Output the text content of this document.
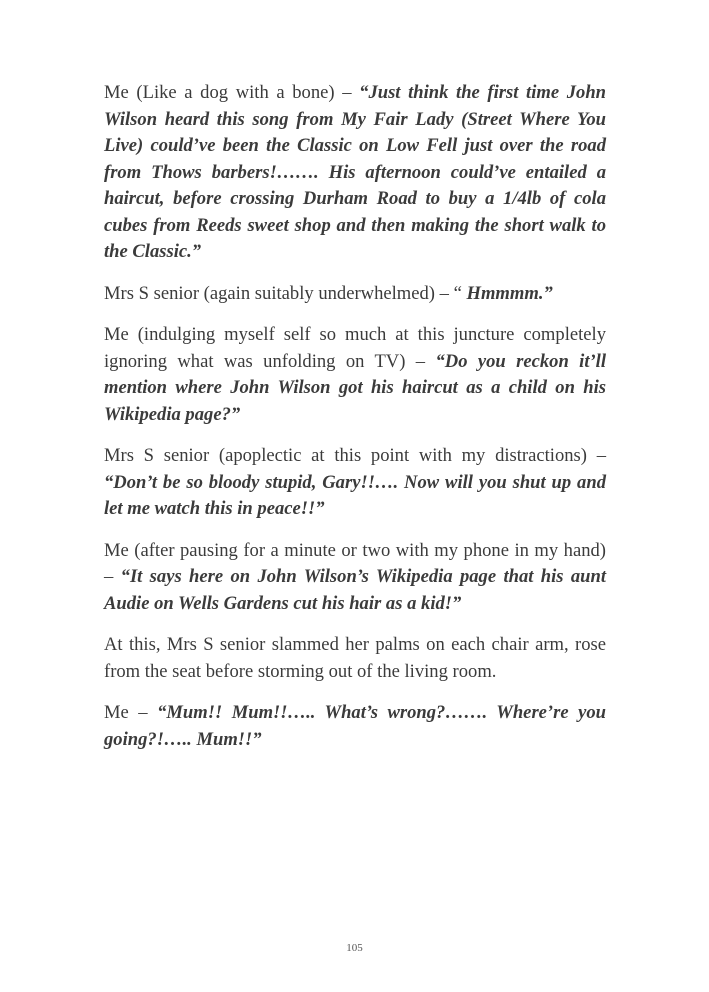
Me (Like a dog with a bone) – “Just think the first time John Wilson heard this song from My Fair Lady (Street Where You Live) could’ve been the Classic on Low Fell just over the road from Thows barbers!……. His afternoon could’ve entailed a haircut, before crossing Durham Road to buy a 1/4lb of cola cubes from Reeds sweet shop and then making the short walk to the Classic.”

Mrs S senior (again suitably underwhelmed) – “ Hmmmm.”

Me (indulging myself self so much at this juncture completely ignoring what was unfolding on TV) – “Do you reckon it’ll mention where John Wilson got his haircut as a child on his Wikipedia page?”

Mrs S senior (apoplectic at this point with my distractions) – “Don’t be so bloody stupid, Gary!!…. Now will you shut up and let me watch this in peace!!”

Me (after pausing for a minute or two with my phone in my hand) – “It says here on John Wilson’s Wikipedia page that his aunt Audie on Wells Gardens cut his hair as a kid!”

At this, Mrs S senior slammed her palms on each chair arm, rose from the seat before storming out of the living room.

Me – “Mum!! Mum!!….. What’s wrong?……. Where’re you going?!….. Mum!!”

105
